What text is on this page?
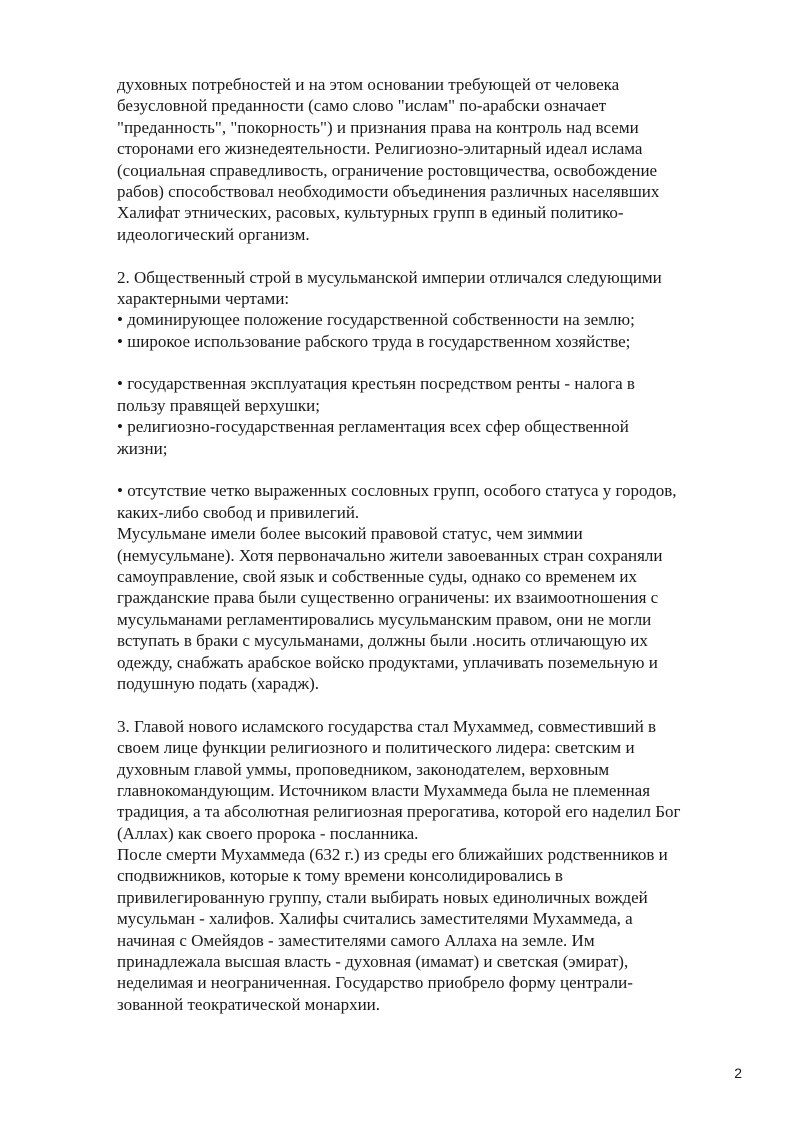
духовных потребностей и на этом основании требующей от человека
безусловной преданности (само слово "ислам" по-арабски означает
"преданность", "покорность") и признания права на контроль над всеми
сторонами его жизнедеятельности. Религиозно-элитарный идеал ислама
(социальная справедливость, ограничение ростовщичества, освобождение
рабов) способствовал необходимости объединения различных населявших
Халифат этнических, расовых, культурных групп в единый политико-
идеологический организм.
2. Общественный строй в мусульманской империи отличался следующими
характерными чертами:
• доминирующее положение государственной собственности на землю;
• широкое использование рабского труда в государственном хозяйстве;
• государственная эксплуатация крестьян посредством ренты - налога в
пользу правящей верхушки;
• религиозно-государственная регламентация всех сфер общественной
жизни;
• отсутствие четко выраженных сословных групп, особого статуса у городов,
каких-либо свобод и привилегий.
Мусульмане имели более высокий правовой статус, чем зиммии
(немусульмане). Хотя первоначально жители завоеванных стран сохраняли
самоуправление, свой язык и собственные суды, однако со временем их
гражданские права были существенно ограничены: их взаимоотношения с
мусульманами регламентировались мусульманским правом, они не могли
вступать в браки с мусульманами, должны были .носить отличающую их
одежду, снабжать арабское войско продуктами, уплачивать поземельную и
подушную подать (харадж).
3. Главой нового исламского государства стал Мухаммед, совместивший в
своем лице функции религиозного и политического лидера: светским и
духовным главой уммы, проповедником, законодателем, верховным
главнокомандующим. Источником власти Мухаммеда была не племенная
традиция, а та абсолютная религиозная прерогатива, которой его наделил Бог
(Аллах) как своего пророка - посланника.
После смерти Мухаммеда (632 г.) из среды его ближайших родственников и
сподвижников, которые к тому времени консолидировались в
привилегированную группу, стали выбирать новых единоличных вождей
мусульман - халифов. Халифы считались заместителями Мухаммеда, а
начиная с Омейядов - заместителями самого Аллаха на земле. Им
принадлежала высшая власть - духовная (имамат) и светская (эмират),
неделимая и неограниченная. Государство приобрело форму централи-
зованной теократической монархии.
2
